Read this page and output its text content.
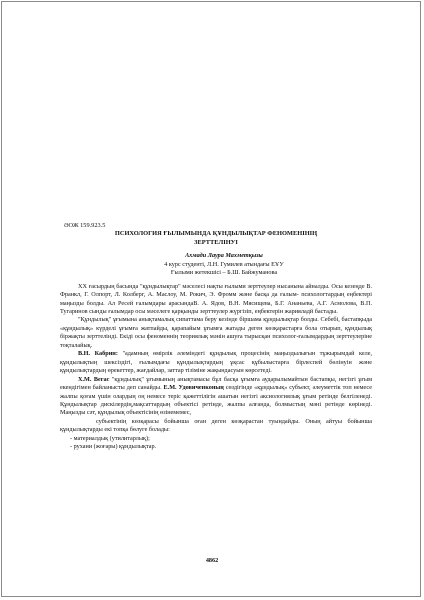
ӘОЖ 159.923.5
ПСИХОЛОГИЯ ҒЫЛЫМЫНДА ҚҰНДЫЛЫҚТАР ФЕНОМЕНІНІҢ
ЗЕРТТЕЛІНУІ
Ахмади Лаура Махметқызы
4 курс студенті, Л.Н. Гумилев атындағы ЕҰУ
Ғылыми жетекшісі – Б.Ш. Байжуманова

XX ғасырдың басында "құндылықтар" мәселесі нақты ғылыми зерттеулер нысанына айналды. Осы кезеңде В. Франкл, Г. Олпорт, Л. Колберг, А. Маслоу, М. Рокич, Э. Фромм және басқа да ғалым- психологтардың еңбектері маңызды болды. Ал Ресей ғалымдары арасындаВ. А. Ядов, В.Н. Мясищева, Б.Г. Ананьева, А.Г. Асмолова, В.П. Тугаринов сынды ғалымдар осы мәселеге қарқынды зерттеулер жүргізіп, еңбектерін жарияладй бастады.

"Құндылық" ұғымына анықтамалық сипаттама беру кезінде біршама құндылықтар болды. Себебі, бастапқыда «құндылық» күрделі ұғымға жатпайды, қарапайым ұғымға жатады деген көзқарастарға бола отырып, құндылық біржақты зерттелінді. Екіді осы феноменнің теориялық мәнін ашуға тырысқан психолог-ғалымдардың зерттеулеріне тоқталайық.

В.Н. Кабрин: "адамның өмірлік әлеміндегі құндылық процесінің маңыздылығын тұжырымдай келе, құндылықтың шексіздігі, ғылымдағы құндылықтардың ұқсас құбылыстарға бірлеспей бөлінуін және құндылықтардың өрекеттер, жағдайлар, заттар тізіміне жақындасуын көрсетеді.

Х.М. Вегас "құндылық" ұғымының анықтамасы бұл басқа ұғымға аударылымайтын бастапқы, негізгі ұғым екендігімен байланысты деп санайды. Е.М. Удовиченконың сөздігінде «құндылық» субъект, әлеуметтік топ немесе жалпы қоғам үшін олардың оң немесе теріс қажеттілігін ашатын негізгі аксиологиялық ұғым ретінде белгіленеді. Құндылықтар дискілердің,мақсаттардың объектісі ретінде, жалпы алғанда, болмыстың мәні ретінде көрінеді. Маңызды сәт, құндылық объектісінің өзінемемес,

субъектінің көзқарасы бойынша оған деген көзқарастан туындайды. Оның айтуы бойынша құндылықтарды екі топқа бөлуге болады:

- материалдық (утилитарлық);
- рухани (жоғары) құндылықтар.
4862
